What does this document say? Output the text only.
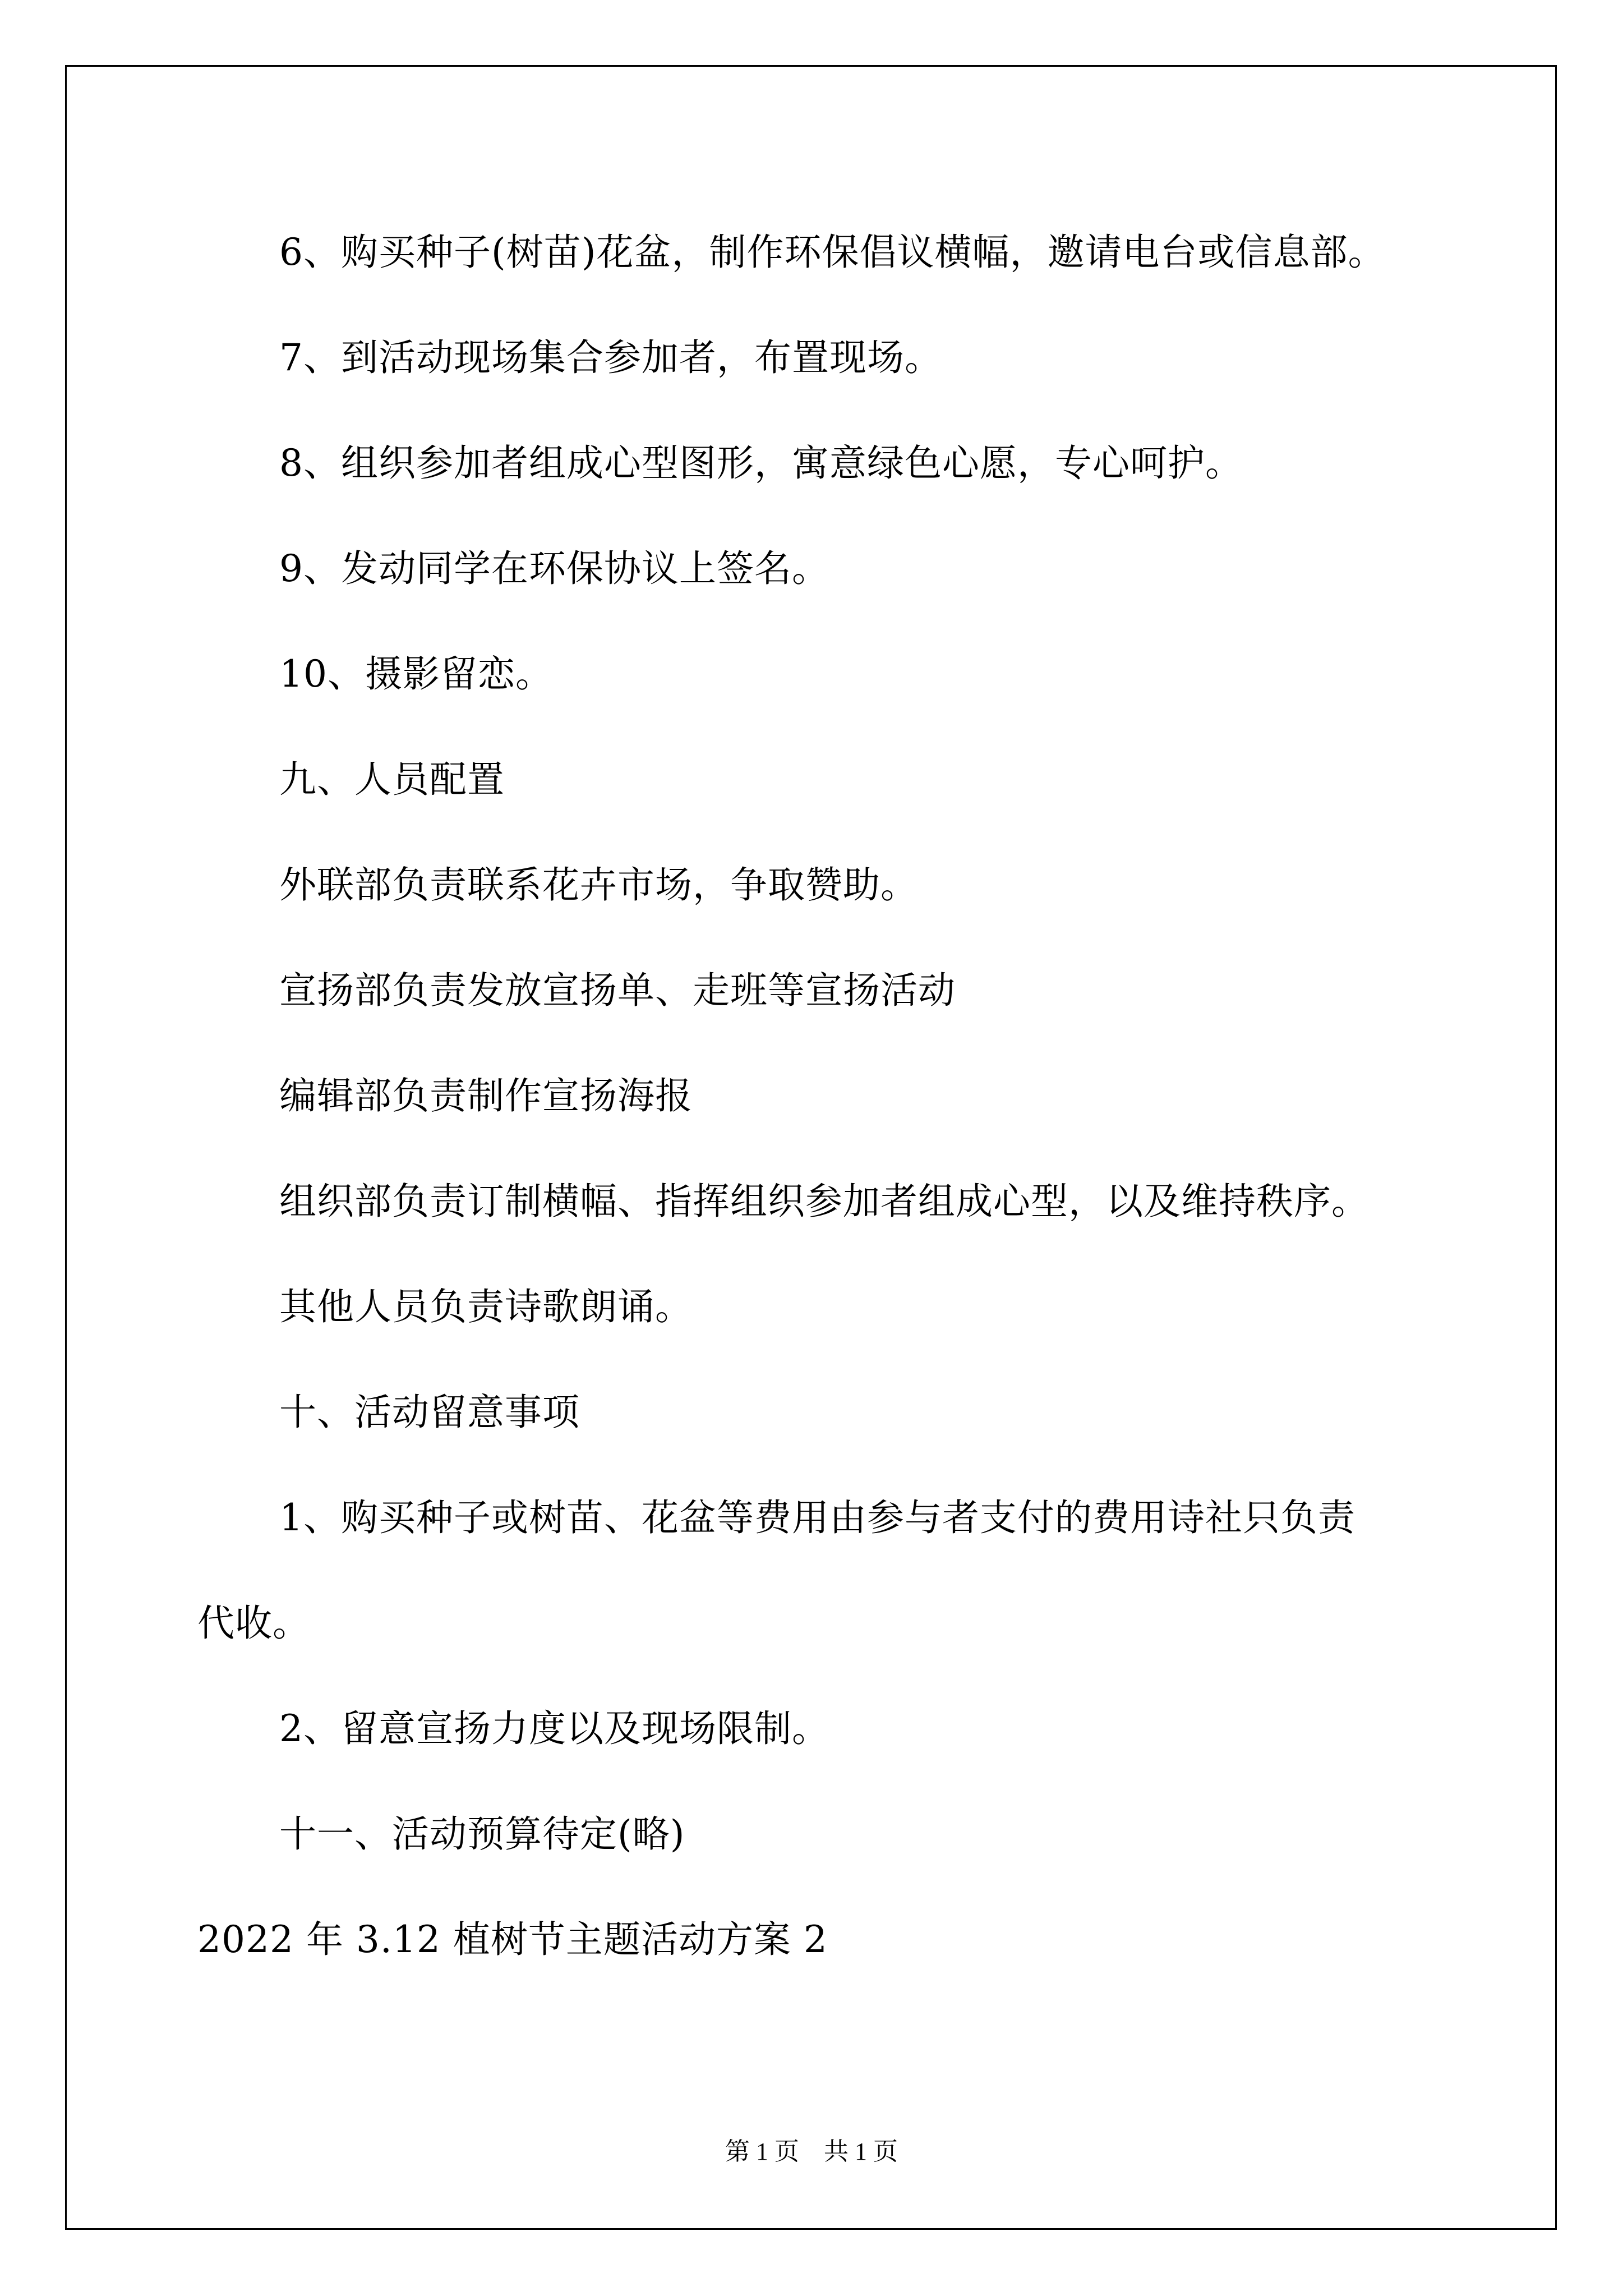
6、购买种子(树苗)花盆，制作环保倡议横幅，邀请电台或信息部。
7、到活动现场集合参加者，布置现场。
8、组织参加者组成心型图形，寓意绿色心愿，专心呵护。
9、发动同学在环保协议上签名。
10、摄影留恋。
九、人员配置
外联部负责联系花卉市场，争取赞助。
宣扬部负责发放宣扬单、走班等宣扬活动
编辑部负责制作宣扬海报
组织部负责订制横幅、指挥组织参加者组成心型，以及维持秩序。
其他人员负责诗歌朗诵。
十、活动留意事项
1、购买种子或树苗、花盆等费用由参与者支付的费用诗社只负责
代收。
2、留意宣扬力度以及现场限制。
十一、活动预算待定(略)
2022 年 3.12 植树节主题活动方案 2
第 1 页　共 1 页
